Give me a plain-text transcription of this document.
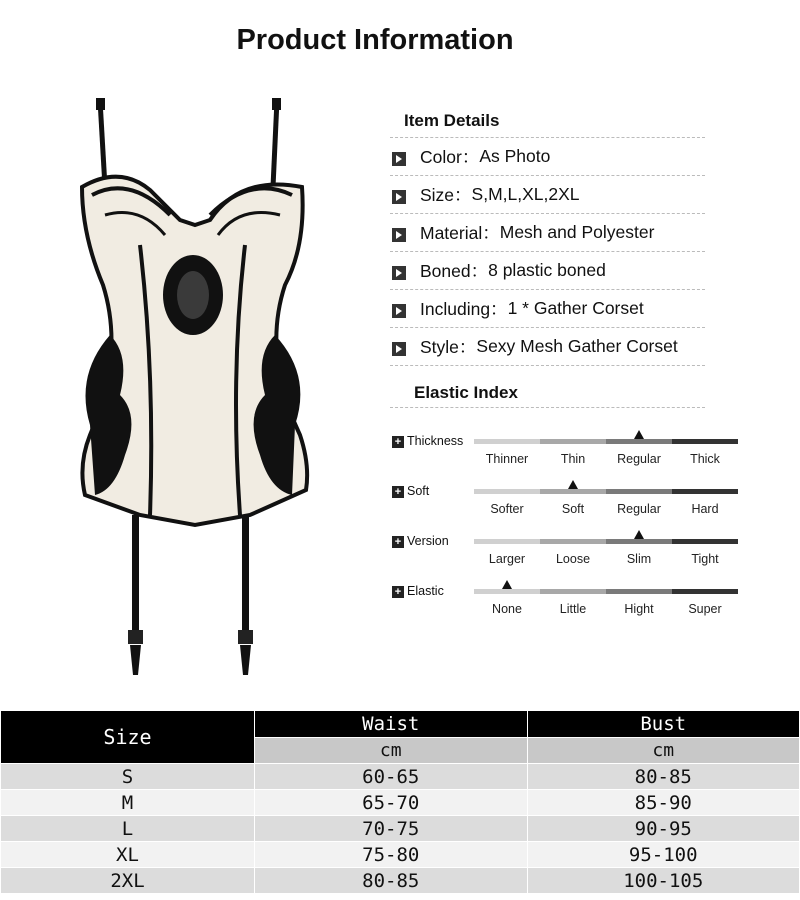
Product Information
Item Details
Color： As Photo
Size： S,M,L,XL,2XL
Material： Mesh and Polyester
Boned： 8 plastic boned
Including： 1 * Gather Corset
Style： Sexy Mesh Gather Corset
Elastic Index
+ Thickness
Thinner	Thin	Regular	Thick
+ Soft
Softer	Soft	Regular	Hard
+ Version
Larger	Loose	Slim	Tight
+ Elastic
None	Little	Hight	Super
Size	Waist	Bust
	cm	cm
S	60-65	80-85
M	65-70	85-90
L	70-75	90-95
XL	75-80	95-100
2XL	80-85	100-105
